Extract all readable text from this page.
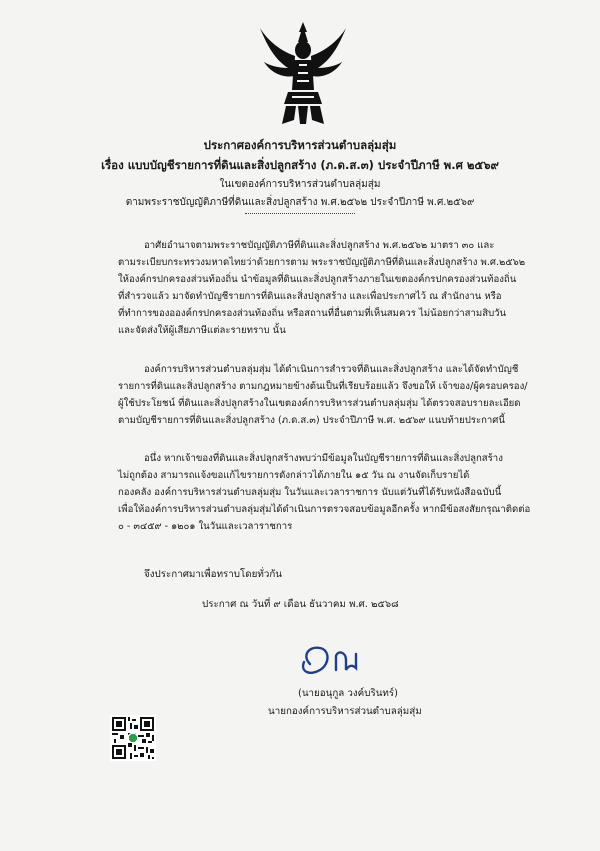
ประกาศองค์การบริหารส่วนตำบลลุ่มสุ่ม
เรื่อง แบบบัญชีรายการที่ดินและสิ่งปลูกสร้าง (ภ.ด.ส.๓) ประจำปีภาษี พ.ศ ๒๕๖๙
ในเขตองค์การบริหารส่วนตำบลลุ่มสุ่ม
ตามพระราชบัญญัติภาษีที่ดินและสิ่งปลูกสร้าง พ.ศ.๒๕๖๒ ประจำปีภาษี พ.ศ.๒๕๖๙

อาศัยอำนาจตามพระราชบัญญัติภาษีที่ดินและสิ่งปลูกสร้าง พ.ศ.๒๕๖๒ มาตรา ๓๐ และ

ตามระเบียบกระทรวงมหาดไทยว่าด้วยการตาม พระราชบัญญัติภาษีที่ดินและสิ่งปลูกสร้าง พ.ศ.๒๕๖๒

ให้องค์กรปกครองส่วนท้องถิ่น นำข้อมูลที่ดินและสิ่งปลูกสร้างภายในเขตองค์กรปกครองส่วนท้องถิ่น

ที่สำรวจแล้ว มาจัดทำบัญชีรายการที่ดินและสิ่งปลูกสร้าง และเพื่อประกาศไว้ ณ สำนักงาน หรือ

ที่ทำการของอองค์กรปกครองส่วนท้องถิ่น หรือสถานที่อื่นตามที่เห็นสมควร ไม่น้อยกว่าสามสิบวัน

และจัดส่งให้ผู้เสียภาษีแต่ละรายทราบ นั้น

องค์การบริหารส่วนตำบลลุ่มสุ่ม ได้ดำเนินการสำรวจที่ดินและสิ่งปลูกสร้าง และได้จัดทำบัญชี

รายการที่ดินและสิ่งปลูกสร้าง ตามกฎหมายข้างต้นเป็นที่เรียบร้อยแล้ว จึงขอให้ เจ้าของ/ผู้ครอบครอง/

ผู้ใช้ประโยชน์ ที่ดินและสิ่งปลูกสร้างในเขตองค์การบริหารส่วนตำบลลุ่มสุ่ม ได้ตรวจสอบรายละเอียด

ตามบัญชีรายการที่ดินและสิ่งปลูกสร้าง (ภ.ด.ส.๓) ประจำปีภาษี พ.ศ. ๒๕๖๙ แนบท้ายประกาศนี้

อนึ่ง หากเจ้าของที่ดินและสิ่งปลูกสร้างพบว่ามีข้อมูลในบัญชีรายการที่ดินและสิ่งปลูกสร้าง

ไม่ถูกต้อง สามารถแจ้งขอแก้ไขรายการดังกล่าวได้ภายใน ๑๕ วัน ณ งานจัดเก็บรายได้

กองคลัง องค์การบริหารส่วนตำบลลุ่มสุ่ม ในวันและเวลาราชการ นับแต่วันที่ได้รับหนังสือฉบับนี้

เพื่อให้องค์การบริหารส่วนตำบลลุ่มสุ่มได้ดำเนินการตรวจสอบข้อมูลอีกครั้ง หากมีข้อสงสัยกรุณาติดต่อ

๐ - ๓๔๕๙ - ๑๒๐๑ ในวันและเวลาราชการ

จึงประกาศมาเพื่อทราบโดยทั่วกัน
ประกาศ ณ วันที่ ๙ เดือน ธันวาคม พ.ศ. ๒๕๖๘
(นายอนุกูล วงค์บรินทร์)
นายกองค์การบริหารส่วนตำบลลุ่มสุ่ม
